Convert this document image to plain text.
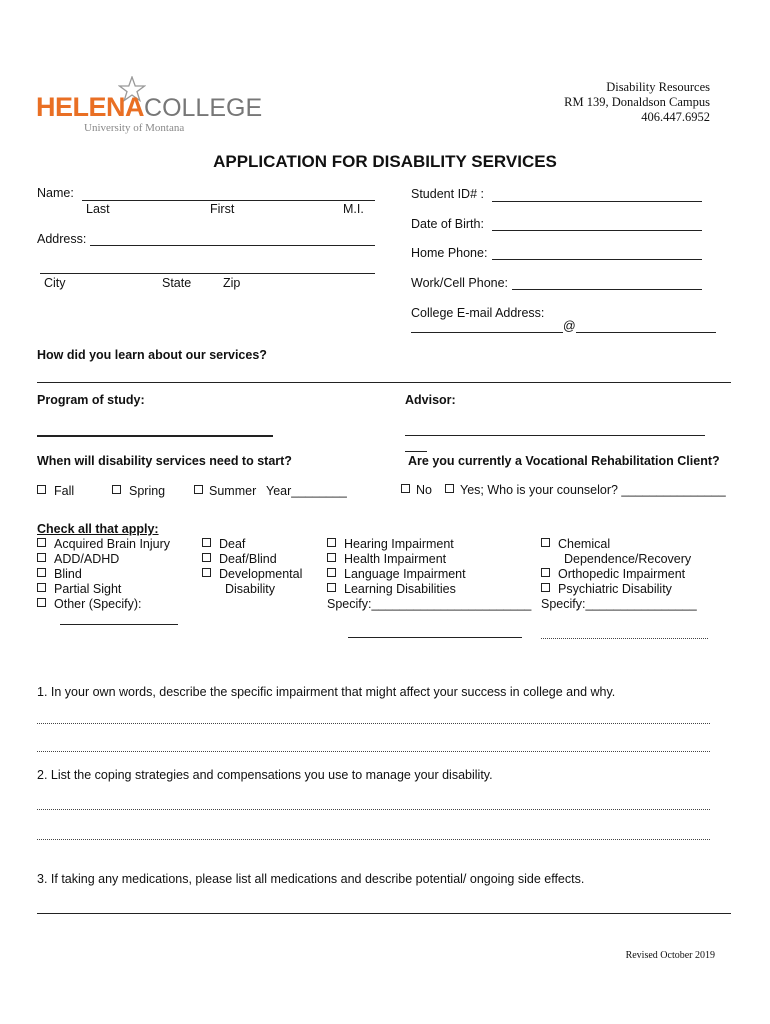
HELENACOLLEGE
University of Montana
Disability Resources
RM 139, Donaldson Campus
406.447.6952
APPLICATION FOR DISABILITY SERVICES
Name:
Last	First	M.I.
Address:
City	State	Zip
Student ID# :
Date of Birth:
Home Phone:
Work/Cell Phone:
College E-mail Address:
@
How did you learn about our services?
Program of study:	Advisor:
When will disability services need to start?
Fall	Spring	Summer Year________
Are you currently a Vocational Rehabilitation Client?
No	Yes; Who is your counselor? _______________
Check all that apply:
Acquired Brain Injury
ADD/ADHD
Blind
Partial Sight
Other (Specify):
Deaf
Deaf/Blind
Developmental
Disability
Hearing Impairment
Health Impairment
Language Impairment
Learning Disabilities
Specify:_______________________
Chemical
Dependence/Recovery
Orthopedic Impairment
Psychiatric Disability
Specify:________________
1. In your own words, describe the specific impairment that might affect your success in college and why.
2. List the coping strategies and compensations you use to manage your disability.
3. If taking any medications, please list all medications and describe potential/ ongoing side effects.
Revised October 2019
